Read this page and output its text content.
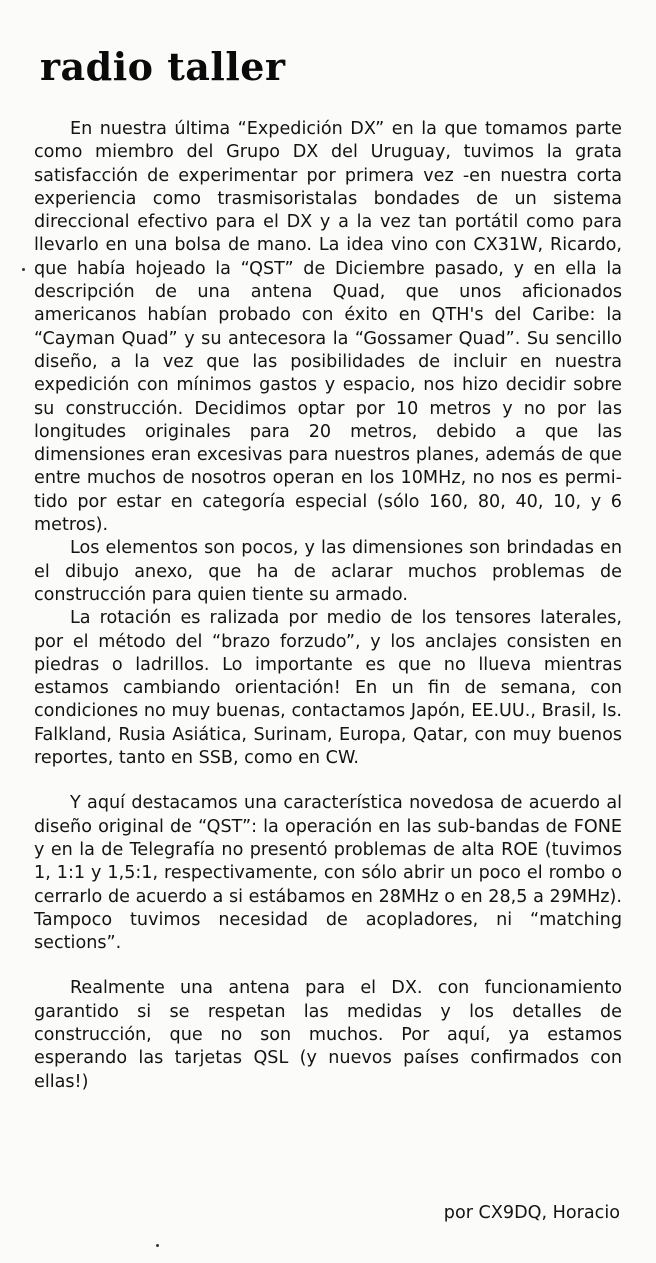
radio taller

En nuestra última “Expedición DX” en la que tomamos parte como miembro del Grupo DX del Uruguay, tuvimos la grata satisfacción de experimentar por primera vez -en nuestra corta experiencia como trasmisoristalas bondades de un sistema direccional efectivo para el DX y a la vez tan portátil como para llevarlo en una bolsa de mano. La idea vino con CX31W, Ricardo, que había hojeado la “QST” de Diciembre pasado, y en ella la descripción de una antena Quad, que unos aficionados americanos habían probado con éxito en QTH's del Caribe: la “Cayman Quad” y su antecesora la “Gossamer Quad”. Su sencillo diseño, a la vez que las posibilidades de incluir en nuestra expedición con mínimos gastos y espacio, nos hizo decidir sobre su construcción. Decidimos optar por 10 metros y no por las longitudes originales para 20 metros, debido a que las dimensiones eran excesivas para nuestros planes, además de que entre muchos de nosotros operan en los 10MHz, no nos es permitido por estar en categoría especial (sólo 160, 80, 40, 10, y 6 metros).

Los elementos son pocos, y las dimensiones son brindadas en el dibujo anexo, que ha de aclarar muchos problemas de construcción para quien tiente su armado.

La rotación es ralizada por medio de los tensores laterales, por el método del “brazo forzudo”, y los anclajes consisten en piedras o ladrillos. Lo importante es que no llueva mientras estamos cambiando orientación! En un fin de semana, con condiciones no muy buenas, contactamos Japón, EE.UU., Brasil, Is. Falkland, Rusia Asiática, Surinam, Europa, Qatar, con muy buenos reportes, tanto en SSB, como en CW.

Y aquí destacamos una característica novedosa de acuerdo al diseño original de “QST”: la operación en las sub-bandas de FONE y en la de Telegrafía no presentó problemas de alta ROE (tuvimos 1, 1:1 y 1,5:1, respectivamente, con sólo abrir un poco el rombo o cerrarlo de acuerdo a si estábamos en 28MHz o en 28,5 a 29MHz). Tampoco tuvimos necesidad de acopladores, ni “matching sections”.

Realmente una antena para el DX. con funcionamiento garantido si se respetan las medidas y los detalles de construcción, que no son muchos. Por aquí, ya estamos esperando las tarjetas QSL (y nuevos países confirmados con ellas!)

por CX9DQ, Horacio
